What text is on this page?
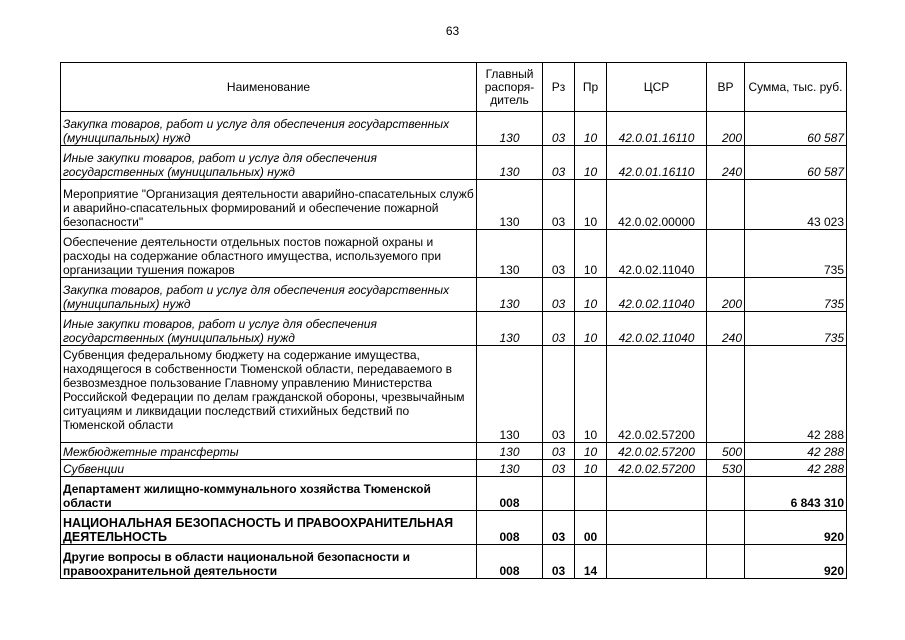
63
Наименование	Главный распоря-дитель	Рз	Пр	ЦСР	ВР	Сумма, тыс. руб.
Закупка товаров, работ и услуг для обеспечения государственных (муниципальных) нужд	130	03	10	42.0.01.16110	200	60 587
Иные закупки товаров, работ и услуг для обеспечения государственных (муниципальных) нужд	130	03	10	42.0.01.16110	240	60 587
Мероприятие "Организация деятельности аварийно-спасательных служб и аварийно-спасательных формирований и обеспечение пожарной безопасности"	130	03	10	42.0.02.00000		43 023
Обеспечение деятельности отдельных постов пожарной охраны и расходы на содержание областного имущества, используемого при организации тушения пожаров	130	03	10	42.0.02.11040		735
Закупка товаров, работ и услуг для обеспечения государственных (муниципальных) нужд	130	03	10	42.0.02.11040	200	735
Иные закупки товаров, работ и услуг для обеспечения государственных (муниципальных) нужд	130	03	10	42.0.02.11040	240	735
Субвенция федеральному бюджету на содержание имущества, находящегося в собственности Тюменской области, передаваемого в безвозмездное пользование Главному управлению Министерства Российской Федерации по делам гражданской обороны, чрезвычайным ситуациям и ликвидации последствий стихийных бедствий по Тюменской области	130	03	10	42.0.02.57200		42 288
Межбюджетные трансферты	130	03	10	42.0.02.57200	500	42 288
Субвенции	130	03	10	42.0.02.57200	530	42 288
Департамент жилищно-коммунального хозяйства Тюменской области	008					6 843 310
НАЦИОНАЛЬНАЯ БЕЗОПАСНОСТЬ И ПРАВООХРАНИТЕЛЬНАЯ ДЕЯТЕЛЬНОСТЬ	008	03	00			920
Другие вопросы в области национальной безопасности и правоохранительной деятельности	008	03	14			920
